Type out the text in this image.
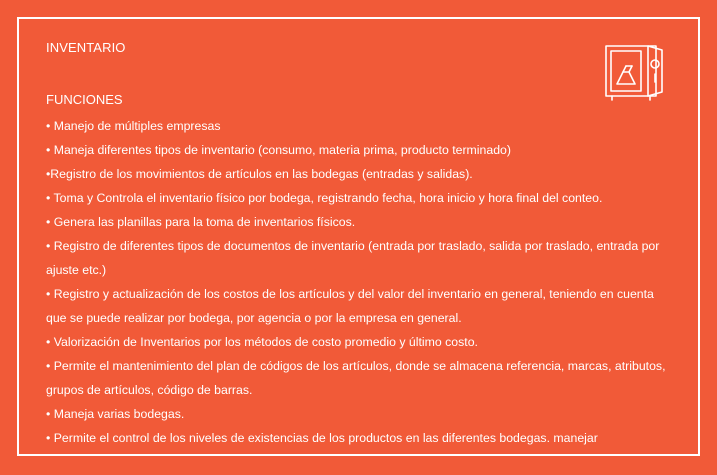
INVENTARIO
FUNCIONES
• Manejo de múltiples empresas
• Maneja diferentes tipos de inventario (consumo, materia prima, producto terminado)
•Registro de los movimientos de artículos en las bodegas (entradas y salidas).
• Toma y Controla el inventario físico por bodega, registrando fecha, hora inicio y hora final del conteo.
• Genera las planillas para la toma de inventarios físicos.
• Registro de diferentes tipos de documentos de inventario (entrada por traslado, salida por traslado, entrada por ajuste etc.)
• Registro y actualización de los costos de los artículos y del valor del inventario en general, teniendo en cuenta que se puede realizar por bodega, por agencia o por la empresa en general.
• Valorización de Inventarios por los métodos de costo promedio y último costo.
• Permite el mantenimiento del plan de códigos de los artículos, donde se almacena referencia, marcas, atributos, grupos de artículos, código de barras.
• Maneja varias bodegas.
• Permite el control de los niveles de existencias de los productos en las diferentes bodegas. manejar
